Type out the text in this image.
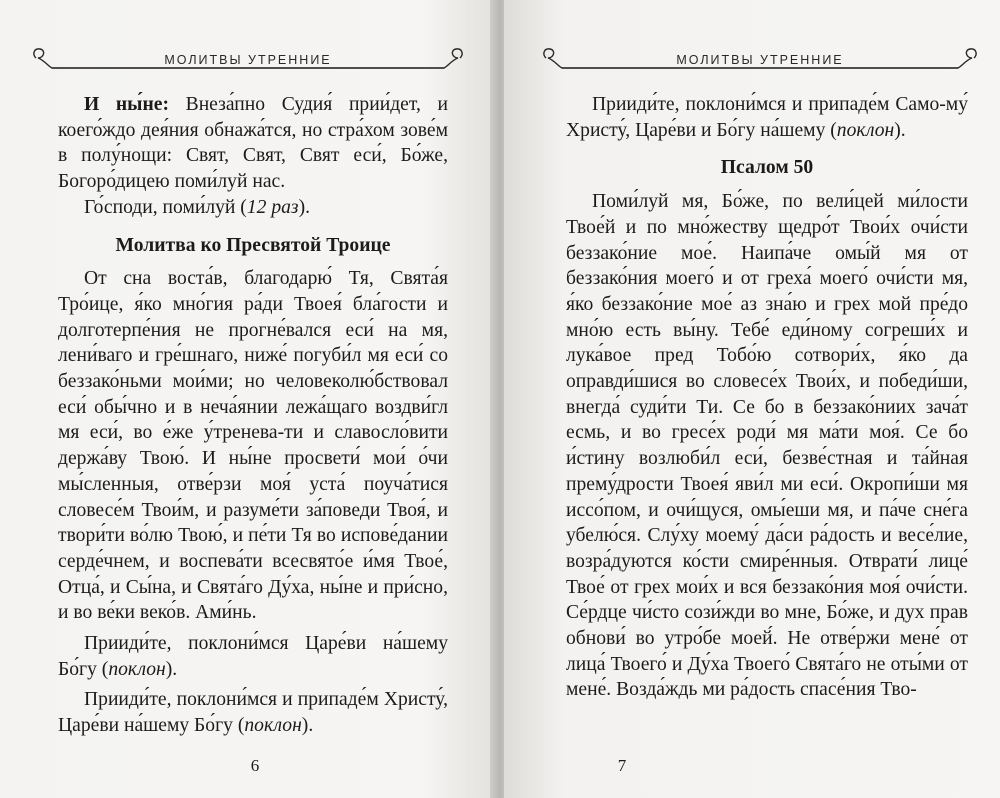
МОЛИТВЫ УТРЕННИЕ

И ны́не: Внеза́пно Судия́ прии́дет, и коего́ждо дея́ния обнажа́тся, но стра́хом зове́м в полу́нощи: Свят, Свят, Свят еси́, Бо́же, Богоро́дицею поми́луй нас.

Го́споди, поми́луй (12 раз).

Молитва ко Пресвятой Троице

От сна воста́в, благодарю́ Тя, Свята́я Тро́ице, я́ко мно́гия ра́ди Твоея́ бла́гости и долготерпе́ния не прогне́вался еси́ на мя, лени́ваго и гре́шнаго, ниже́ погуби́л мя еси́ со беззако́ньми мои́ми; но человеколю́бствовал еси́ обы́чно и в неча́янии лежа́щаго воздви́гл мя еси́, во е́же у́тренева-ти и славосло́вити держа́ву Твою́. И ны́не просвети́ мои́ о́чи мы́сленныя, отве́рзи моя́ уста́ поуча́тися словесе́м Твои́м, и разуме́ти за́поведи Твоя́, и твори́ти во́лю Твою́, и пе́ти Тя во испове́дании серде́чнем, и воспева́ти всесвято́е и́мя Твое́, Отца́, и Сы́на, и Свята́го Ду́ха, ны́не и при́сно, и во ве́ки веко́в. Ами́нь.

Прииди́те, поклони́мся Царе́ви на́шему Бо́гу (поклон).

Прииди́те, поклони́мся и припаде́м Христу́, Царе́ви на́шему Бо́гу (поклон).

6
МОЛИТВЫ УТРЕННИЕ

Прииди́те, поклони́мся и припаде́м Само-му́ Христу́, Царе́ви и Бо́гу на́шему (поклон).

Псалом 50

Поми́луй мя, Бо́же, по вели́цей ми́лости Твое́й и по мно́жеству щедро́т Твои́х очи́сти беззако́ние мое́. Наипа́че омы́й мя от беззако́ния моего́ и от греха́ моего́ очи́сти мя, я́ко беззако́ние мое́ аз зна́ю и грех мой пре́до мно́ю есть вы́ну. Тебе́ еди́ному согреши́х и лука́вое пред Тобо́ю сотвори́х, я́ко да оправди́шися во словесе́х Твои́х, и победи́ши, внегда́ суди́ти Ти. Се бо в беззако́ниих зача́т есмь, и во гресе́х роди́ мя ма́ти моя́. Се бо и́стину возлюби́л еси́, безве́стная и та́йная прему́дрости Твоея́ яви́л ми еси́. Окропи́ши мя иссо́пом, и очи́щуся, омы́еши мя, и па́че сне́га убелю́ся. Слу́ху моему́ да́си ра́дость и весе́лие, возра́дуются ко́сти смире́нныя. Отврати́ лице́ Твое́ от грех мои́х и вся беззако́ния моя́ очи́сти. Се́рдце чи́сто сози́жди во мне, Бо́же, и дух прав обнови́ во утро́бе моей́. Не отве́ржи мене́ от лица́ Твоего́ и Ду́ха Твоего́ Свята́го не оты́ми от мене́. Возда́ждь ми ра́дость спасе́ния Тво-

7
